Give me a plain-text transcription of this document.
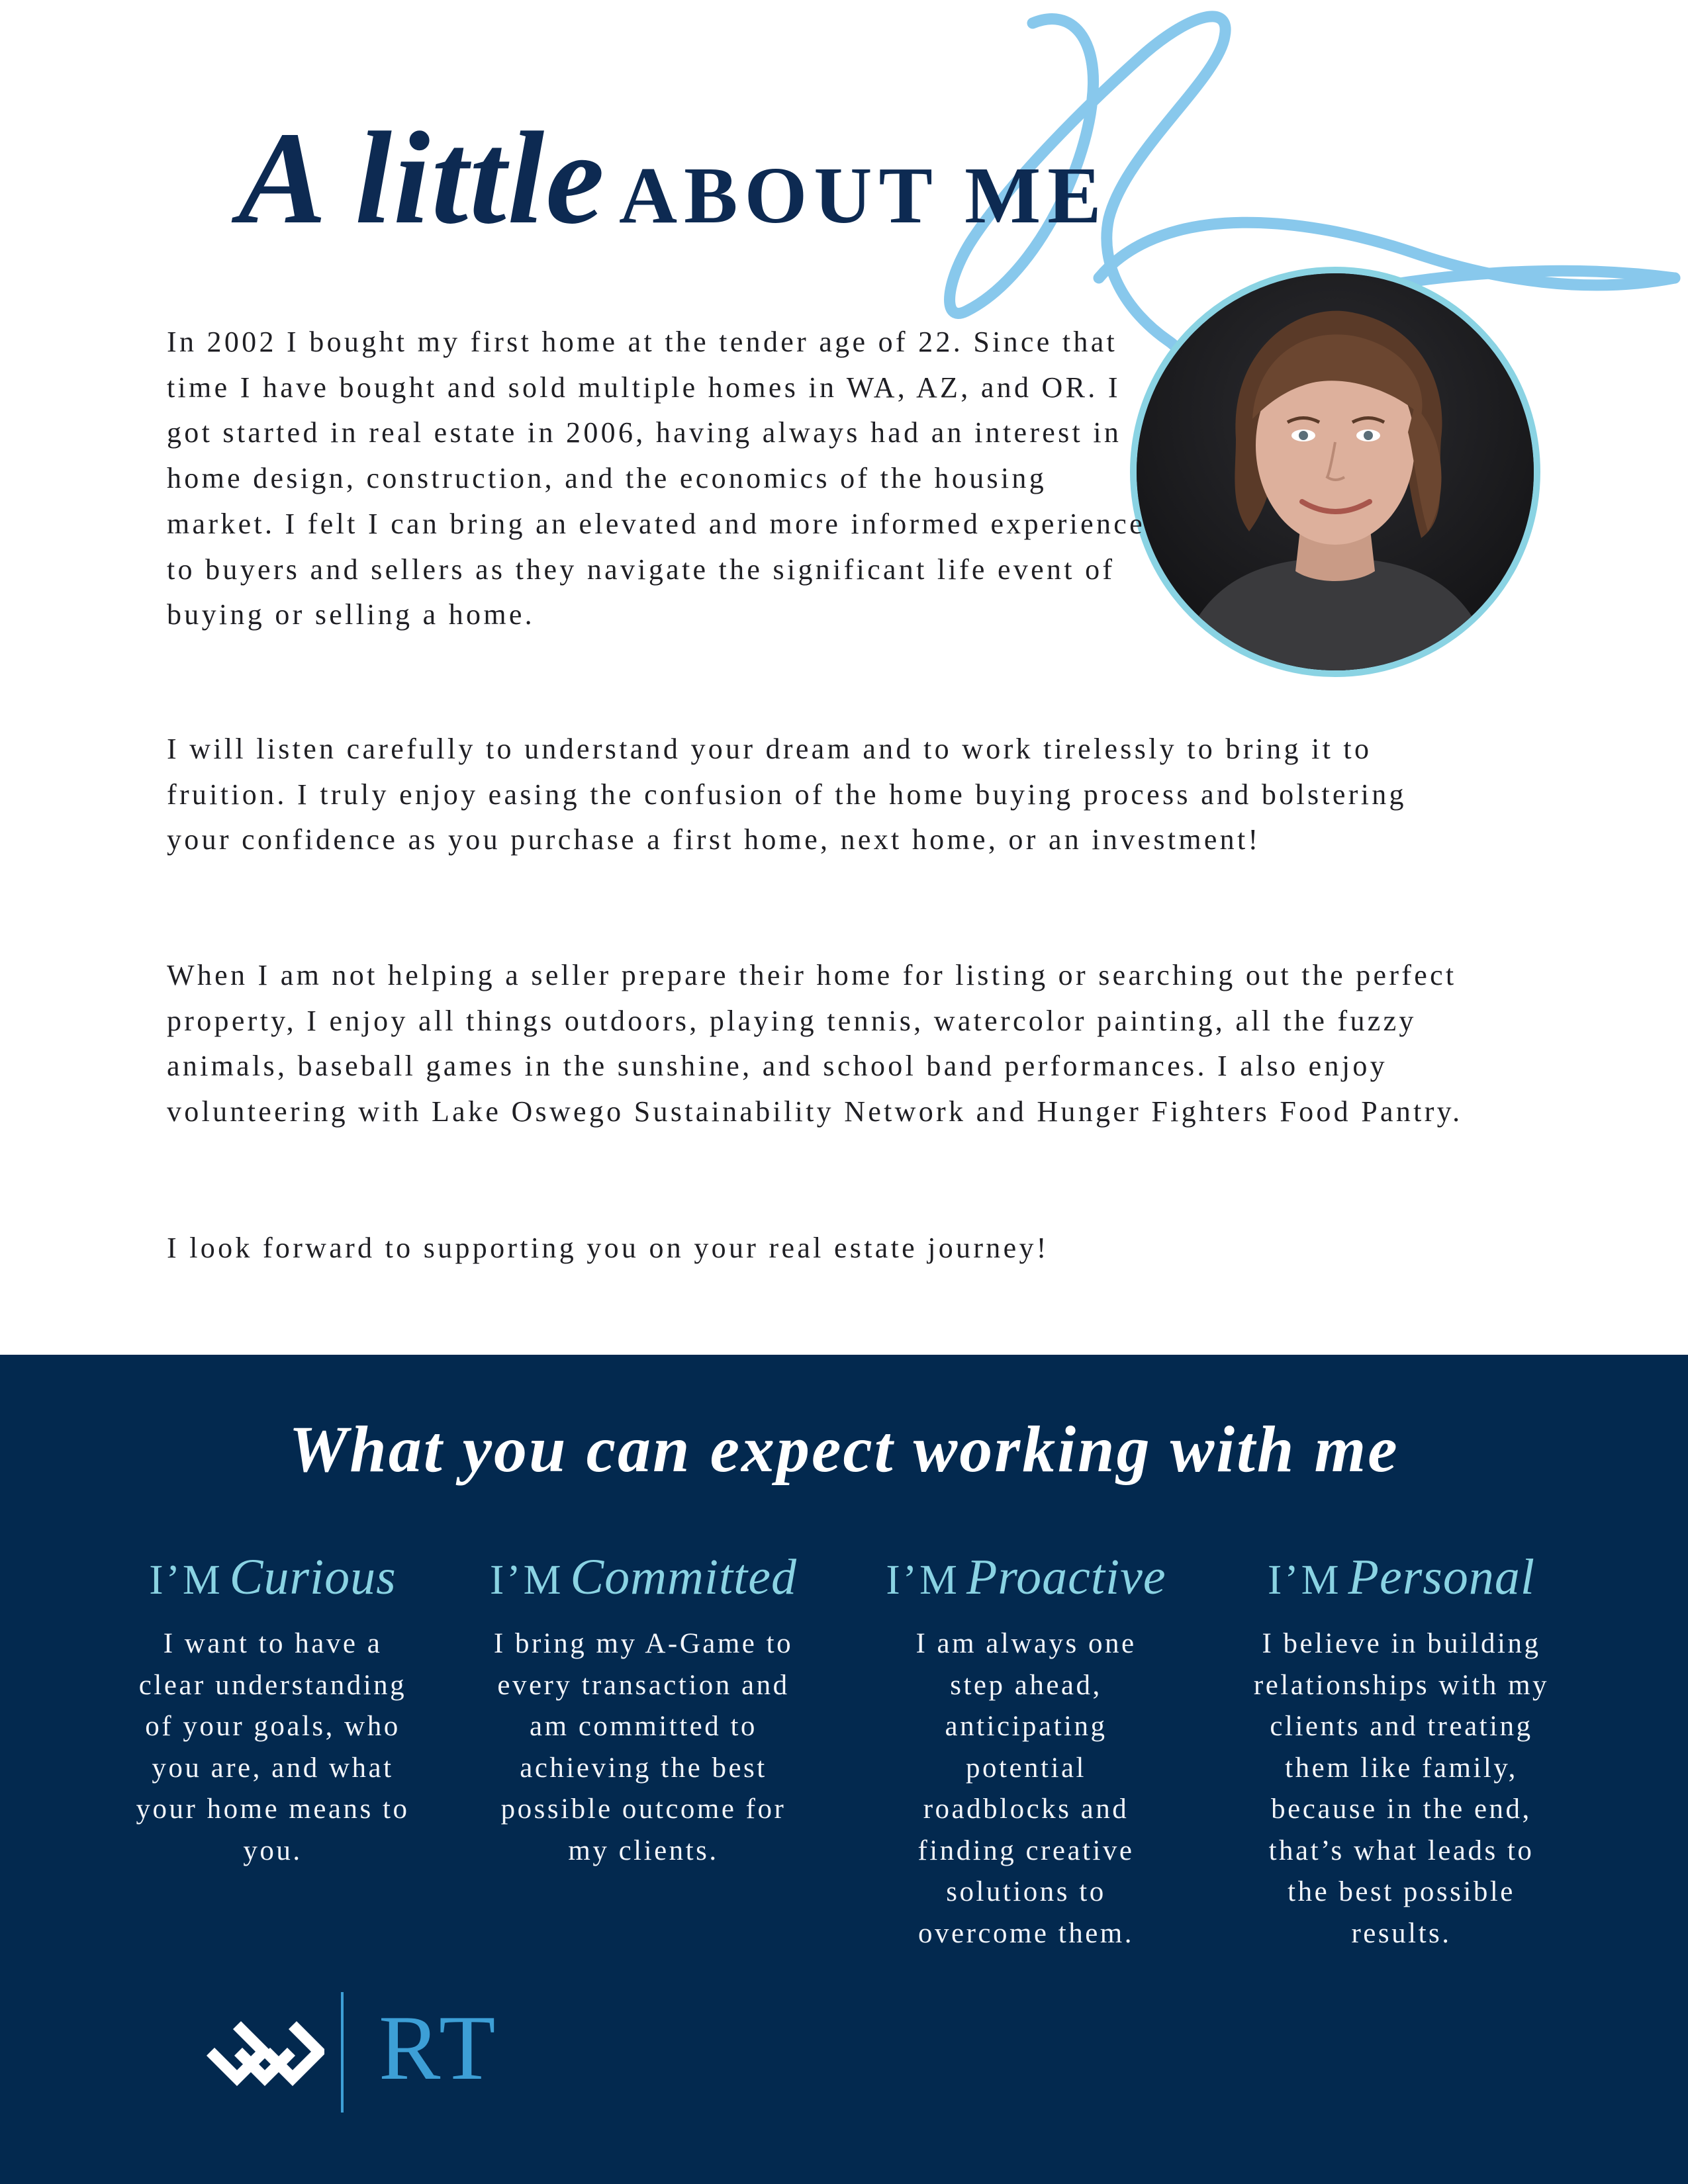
A little ABOUT ME

In 2002 I bought my first home at the tender age of 22. Since that time I have bought and sold multiple homes in WA, AZ, and OR. I got started in real estate in 2006, having always had an interest in home design, construction, and the economics of the housing market. I felt I can bring an elevated and more informed experience to buyers and sellers as they navigate the significant life event of buying or selling a home.

I will listen carefully to understand your dream and to work tirelessly to bring it to fruition. I truly enjoy easing the confusion of the home buying process and bolstering your confidence as you purchase a first home, next home, or an investment!

When I am not helping a seller prepare their home for listing or searching out the perfect property, I enjoy all things outdoors, playing tennis, watercolor painting, all the fuzzy animals, baseball games in the sunshine, and school band performances. I also enjoy volunteering with Lake Oswego Sustainability Network and Hunger Fighters Food Pantry.

I look forward to supporting you on your real estate journey!

What you can expect working with me
I’M Curious

I want to have a clear understanding of your goals, who you are, and what your home means to you.

I’M Committed

I bring my A-Game to every transaction and am committed to achieving the best possible outcome for my clients.

I’M Proactive

I am always one step ahead, anticipating potential roadblocks and finding creative solutions to overcome them.

I’M Personal

I believe in building relationships with my clients and treating them like family, because in the end, that’s what leads to the best possible results.

RT
